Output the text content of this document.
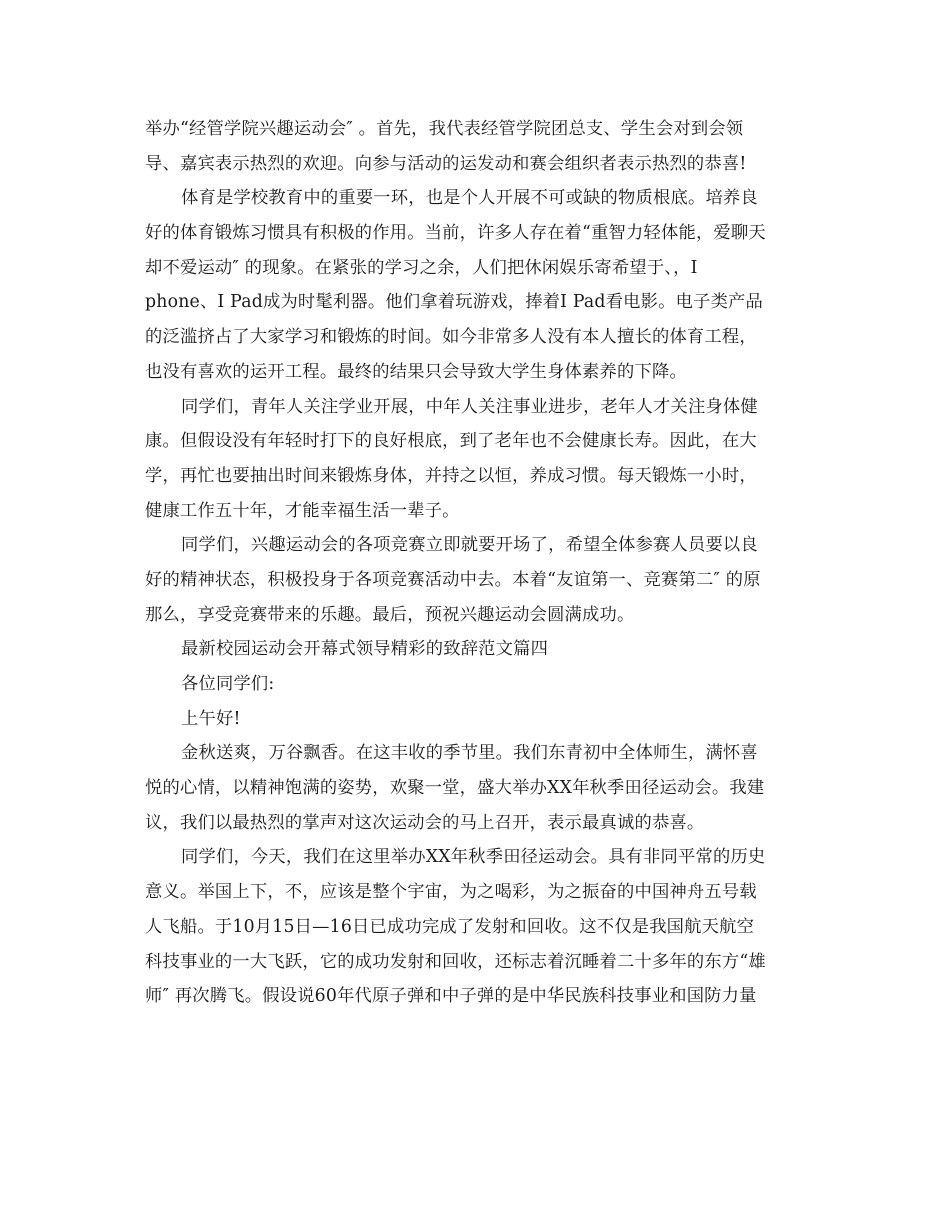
举办“经管学院兴趣运动会″ 。首先，我代表经管学院团总支、学生会对到会领
导、嘉宾表示热烈的欢迎。向参与活动的运发动和赛会组织者表示热烈的恭喜!
体育是学校教育中的重要一环，也是个人开展不可或缺的物质根底。培养良
好的体育锻炼习惯具有积极的作用。当前，许多人存在着“重智力轻体能，爱聊天
却不爱运动″ 的现象。在紧张的学习之余，人们把休闲娱乐寄希望于、，I
phone、I Pad成为时髦利器。他们拿着玩游戏，捧着I Pad看电影。电子类产品
的泛滥挤占了大家学习和锻炼的时间。如今非常多人没有本人擅长的体育工程，
也没有喜欢的运开工程。最终的结果只会导致大学生身体素养的下降。
同学们，青年人关注学业开展，中年人关注事业进步，老年人才关注身体健
康。但假设没有年轻时打下的良好根底，到了老年也不会健康长寿。因此，在大
学，再忙也要抽出时间来锻炼身体，并持之以恒，养成习惯。每天锻炼一小时，
健康工作五十年，才能幸福生活一辈子。
同学们，兴趣运动会的各项竞赛立即就要开场了，希望全体参赛人员要以良
好的精神状态，积极投身于各项竞赛活动中去。本着“友谊第一、竞赛第二″ 的原
那么，享受竞赛带来的乐趣。最后，预祝兴趣运动会圆满成功。
最新校园运动会开幕式领导精彩的致辞范文篇四
各位同学们:
上午好!
金秋送爽，万谷飘香。在这丰收的季节里。我们东青初中全体师生，满怀喜
悦的心情，以精神饱满的姿势，欢聚一堂，盛大举办XX年秋季田径运动会。我建
议，我们以最热烈的掌声对这次运动会的马上召开，表示最真诚的恭喜。
同学们，今天，我们在这里举办XX年秋季田径运动会。具有非同平常的历史
意义。举国上下，不，应该是整个宇宙，为之喝彩，为之振奋的中国神舟五号载
人飞船。于10月15日—16日已成功完成了发射和回收。这不仅是我国航天航空
科技事业的一大飞跃，它的成功发射和回收，还标志着沉睡着二十多年的东方“雄
师″ 再次腾飞。假设说60年代原子弹和中子弹的是中华民族科技事业和国防力量
